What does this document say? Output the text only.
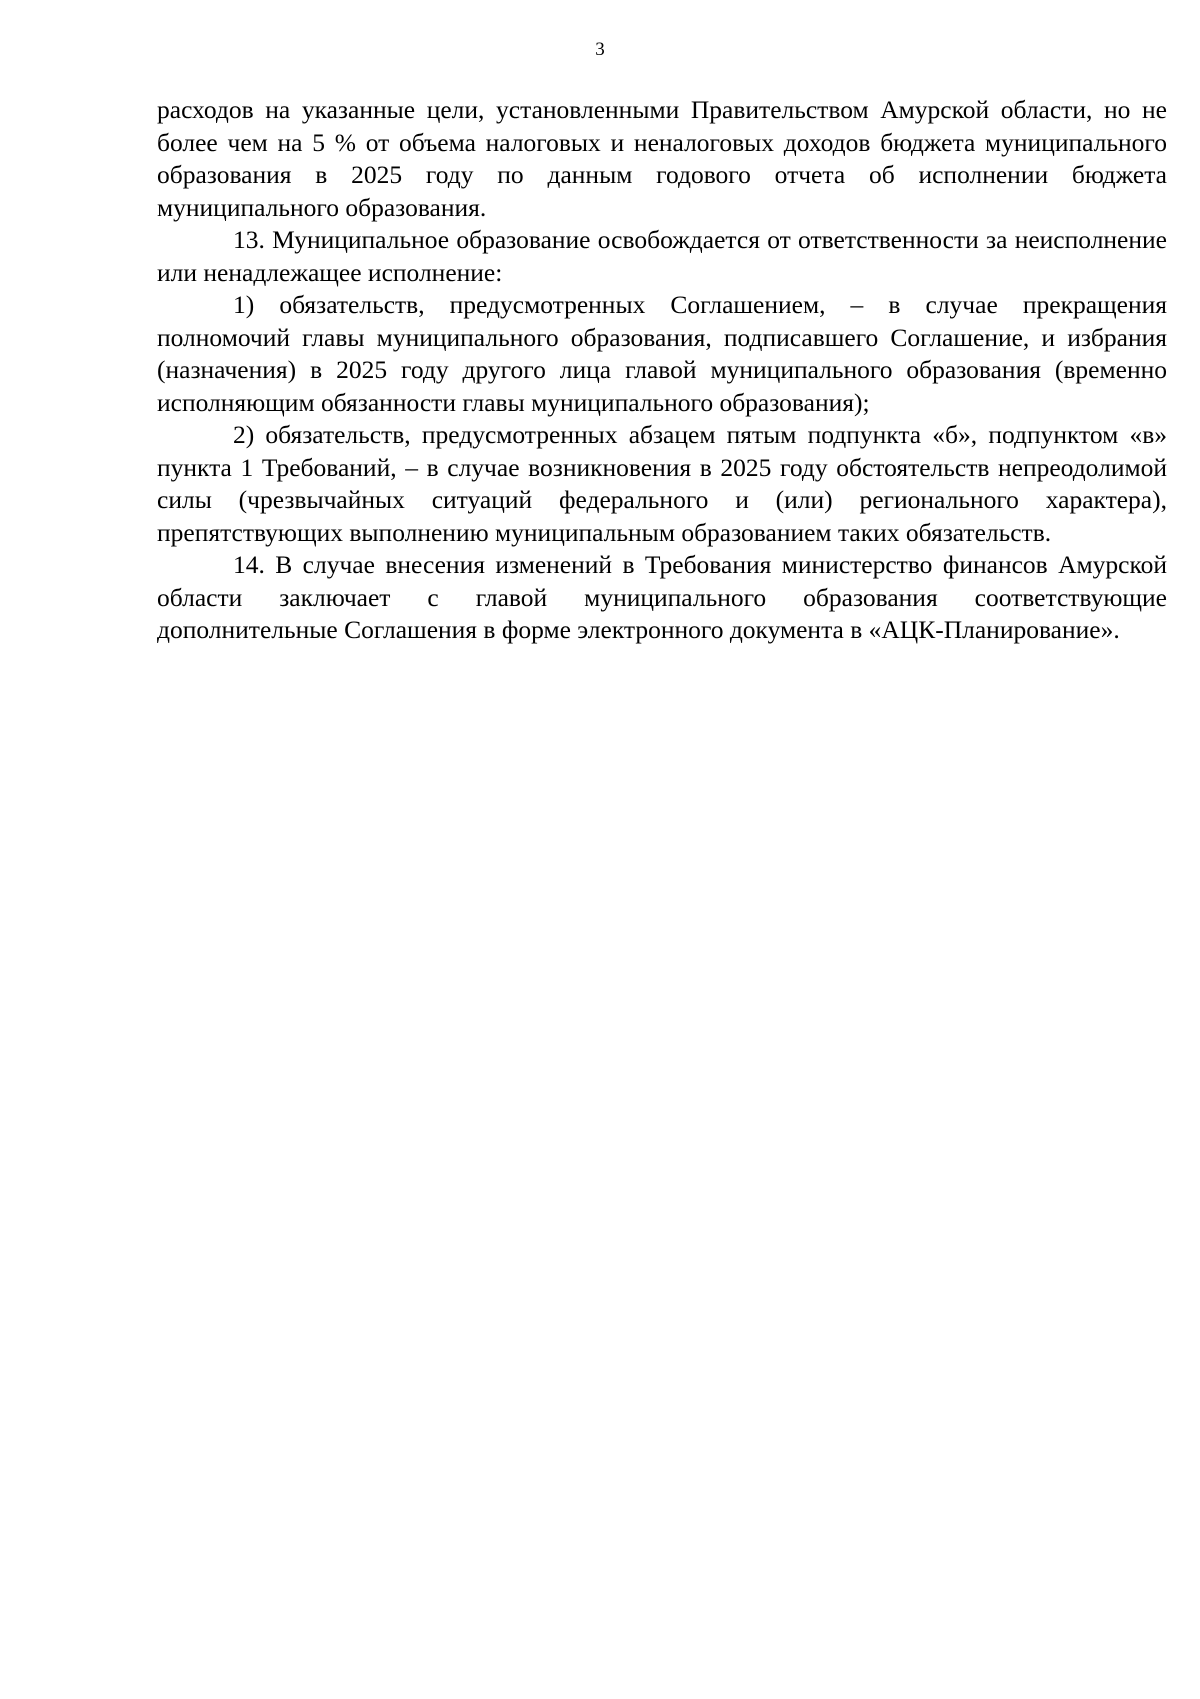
3

расходов на указанные цели, установленными Правительством Амурской области, но не более чем на 5 % от объема налоговых и неналоговых доходов бюджета муниципального образования в 2025 году по данным годового отчета об исполнении бюджета муниципального образования.

13. Муниципальное образование освобождается от ответственности за неисполнение или ненадлежащее исполнение:

1) обязательств, предусмотренных Соглашением, – в случае прекращения полномочий главы муниципального образования, подписавшего Соглашение, и избрания (назначения) в 2025 году другого лица главой муниципального образования (временно исполняющим обязанности главы муниципального образования);

2) обязательств, предусмотренных абзацем пятым подпункта «б», подпунктом «в» пункта 1 Требований, – в случае возникновения в 2025 году обстоятельств непреодолимой силы (чрезвычайных ситуаций федерального и (или) регионального характера), препятствующих выполнению муниципальным образованием таких обязательств.

14. В случае внесения изменений в Требования министерство финансов Амурской области заключает с главой муниципального образования соответствующие дополнительные Соглашения в форме электронного документа в «АЦК-Планирование».
